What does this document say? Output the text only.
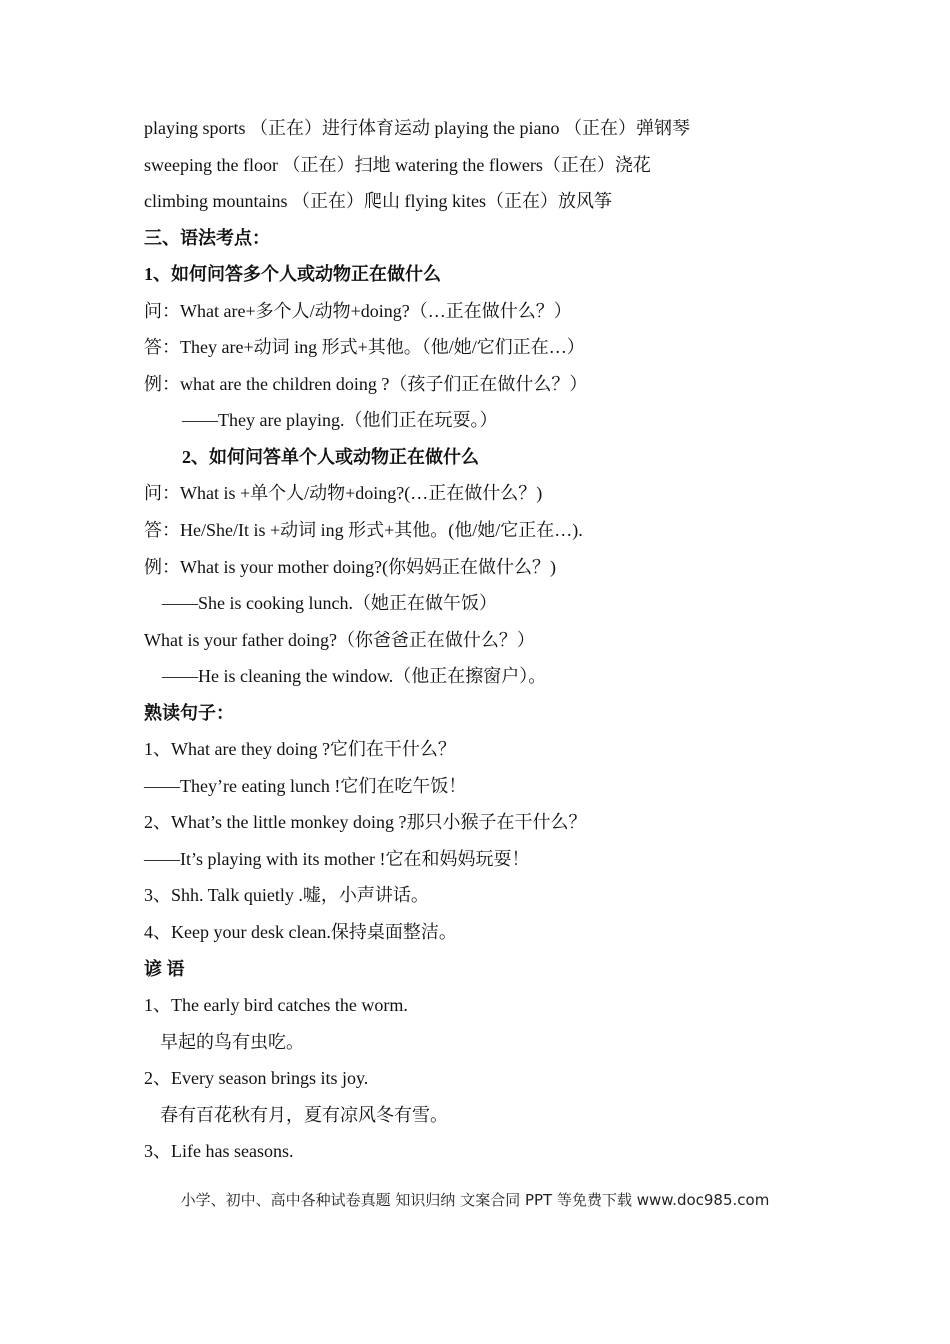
playing sports （正在）进行体育运动 playing the piano （正在）弹钢琴
sweeping the floor （正在）扫地 watering the flowers（正在）浇花
climbing mountains （正在）爬山 flying kites（正在）放风筝
三、语法考点：
1、如何问答多个人或动物正在做什么
问：What are+多个人/动物+doing?（…正在做什么？）
答：They are+动词 ing 形式+其他。（他/她/它们正在…）
例：what are the children doing ?（孩子们正在做什么？）
——They are playing.（他们正在玩耍。）
2、如何问答单个人或动物正在做什么
问：What is +单个人/动物+doing?(…正在做什么？)
答：He/She/It is +动词 ing 形式+其他。(他/她/它正在…).
例：What is your mother doing?(你妈妈正在做什么？)
——She is cooking lunch.（她正在做午饭）
What is your father doing?（你爸爸正在做什么？）
——He is cleaning the window.（他正在擦窗户）。
熟读句子：
1、What are they doing ?它们在干什么？
——They’re eating lunch !它们在吃午饭！
2、What’s the little monkey doing ?那只小猴子在干什么？
——It’s playing with its mother !它在和妈妈玩耍！
3、Shh. Talk quietly .嘘，小声讲话。
4、Keep your desk clean.保持桌面整洁。
谚 语
1、The early bird catches the worm.
早起的鸟有虫吃。
2、Every season brings its joy.
春有百花秋有月，夏有凉风冬有雪。
3、Life has seasons.
小学、初中、高中各种试卷真题 知识归纳 文案合同 PPT 等免费下载 www.doc985.com
